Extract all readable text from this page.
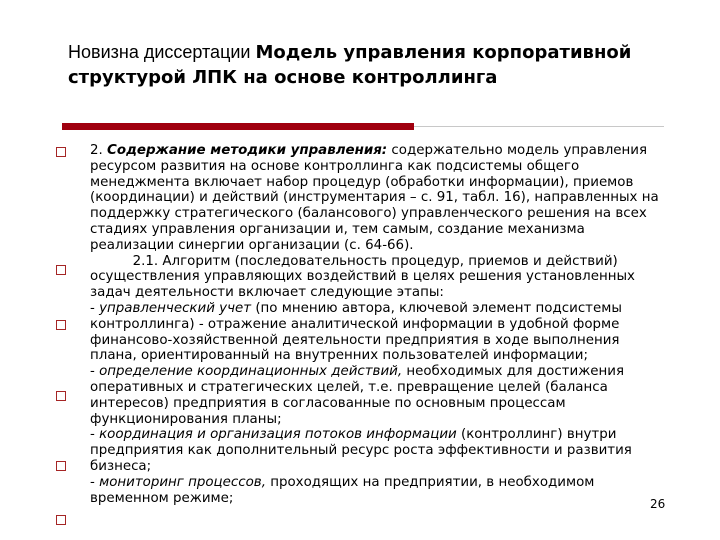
Новизна диссертации Модель управления корпоративной структурой ЛПК на основе контроллинга

2. Содержание методики управления: содержательно модель управления ресурсом развития на основе контроллинга как подсистемы общего менеджмента включает набор процедур (обработки информации), приемов (координации) и действий (инструментария – с. 91, табл. 16), направленных на поддержку стратегического (балансового) управленческого решения на всех стадиях управления организации и, тем самым, создание механизма реализации синергии организации (с. 64-66).

2.1. Алгоритм (последовательность процедур, приемов и действий) осуществления управляющих воздействий в целях решения установленных задач деятельности включает следующие этапы:

- управленческий учет (по мнению автора, ключевой элемент подсистемы контроллинга) - отражение аналитической информации в удобной форме финансово-хозяйственной деятельности предприятия в ходе выполнения плана, ориентированный на внутренних пользователей информации;

- определение координационных действий, необходимых для достижения оперативных и стратегических целей, т.е. превращение целей (баланса интересов) предприятия в согласованные по основным процессам функционирования планы;

- координация и организация потоков информации (контроллинг) внутри предприятия как дополнительный ресурс роста эффективности и развития бизнеса;

- мониторинг процессов, проходящих на предприятии, в необходимом временном режиме;	26
